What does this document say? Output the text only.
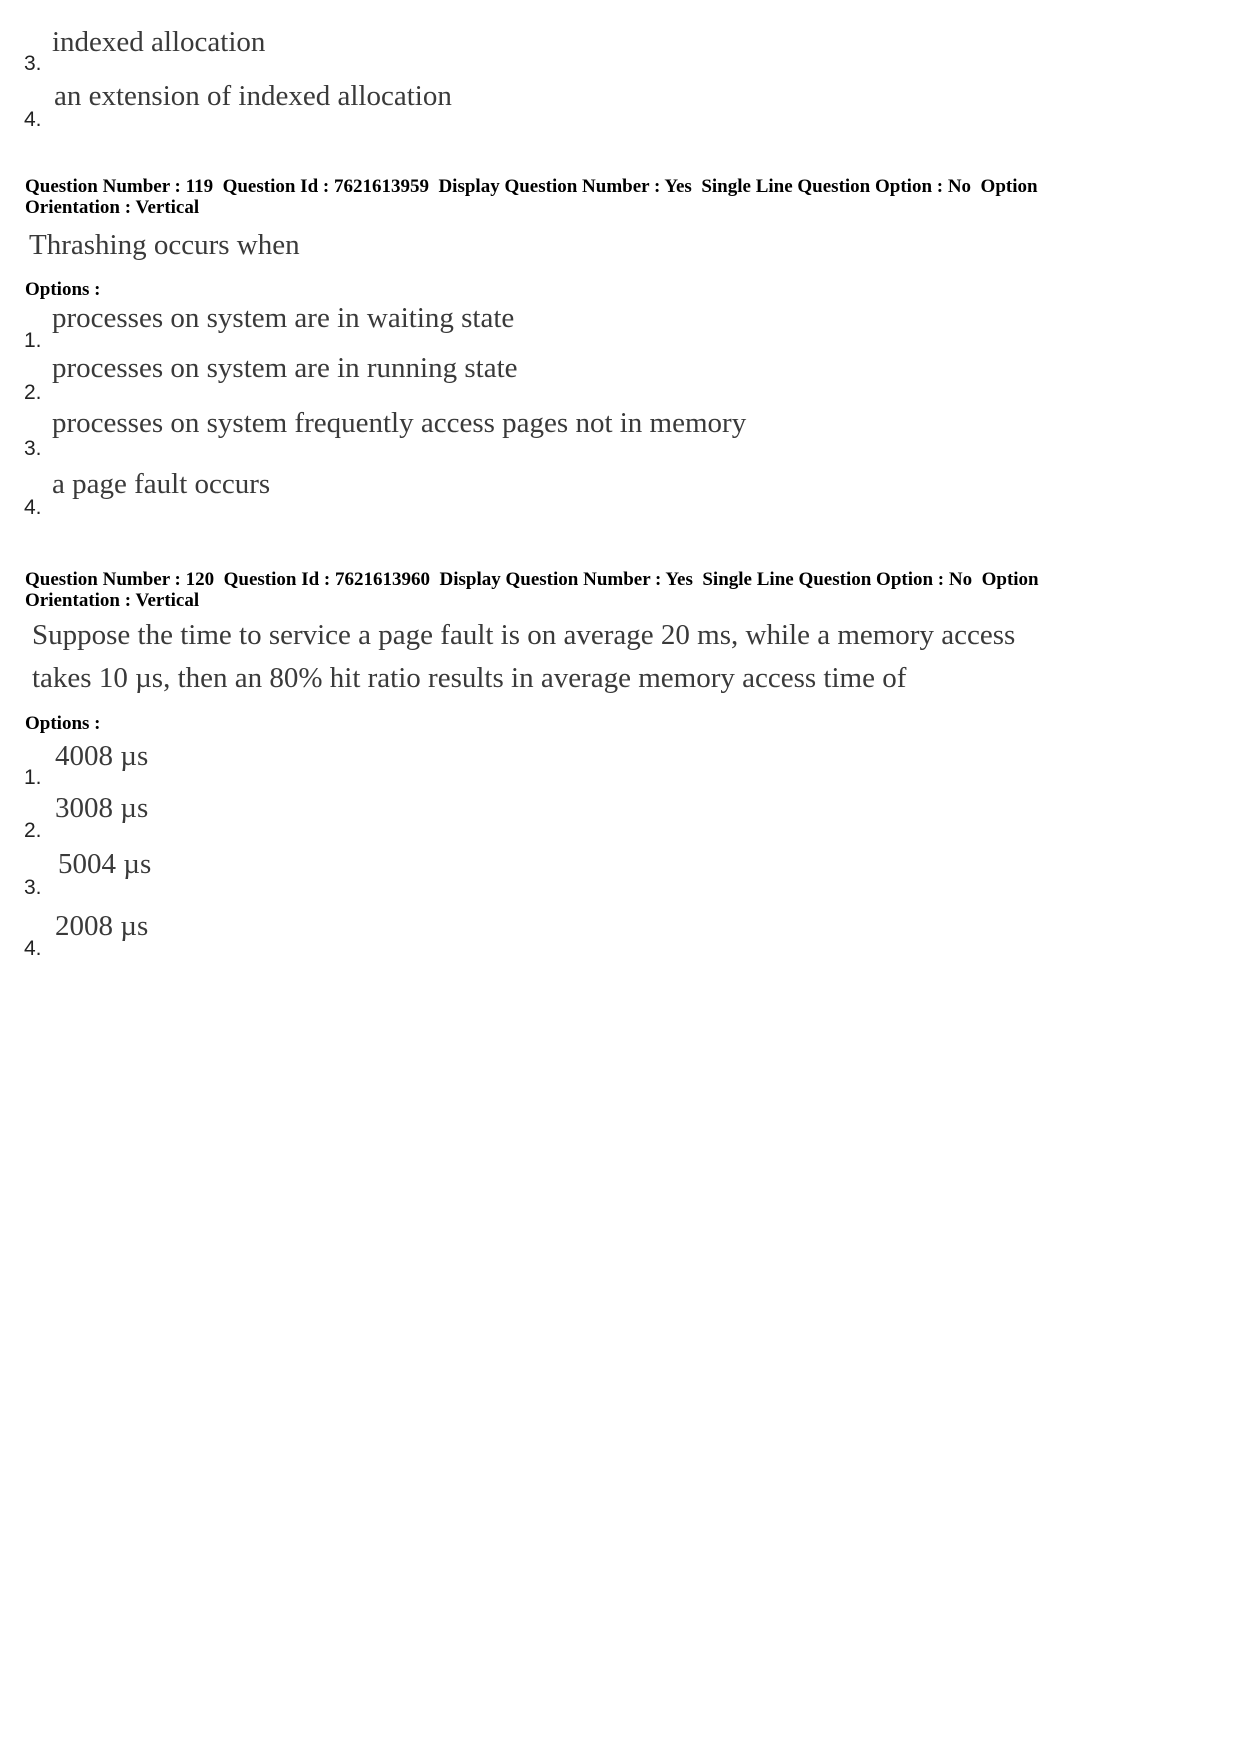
3.
indexed allocation
4.
an extension of indexed allocation
Question Number : 119  Question Id : 7621613959  Display Question Number : Yes  Single Line Question Option : No  Option
Orientation : Vertical
Thrashing occurs when
Options :
1.
processes on system are in waiting state
2.
processes on system are in running state
3.
processes on system frequently access pages not in memory
4.
a page fault occurs
Question Number : 120  Question Id : 7621613960  Display Question Number : Yes  Single Line Question Option : No  Option
Orientation : Vertical
Suppose the time to service a page fault is on average 20 ms, while a memory access
takes 10 µs, then an 80% hit ratio results in average memory access time of
Options :
1.
4008 µs
2.
3008 µs
3.
5004 µs
4.
2008 µs
